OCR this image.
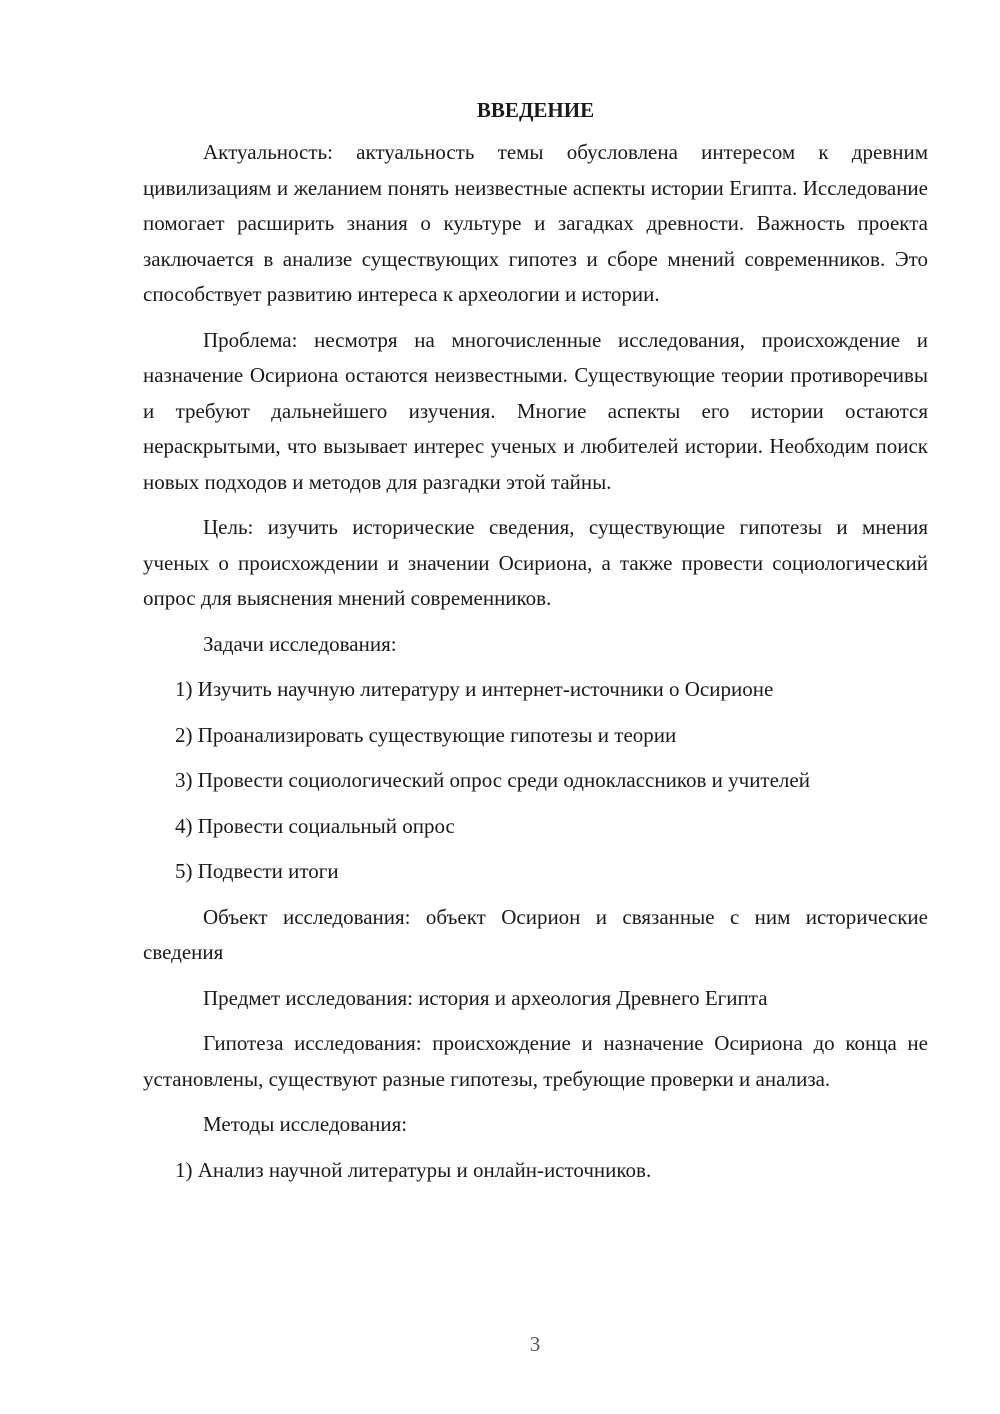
ВВЕДЕНИЕ

Актуальность: актуальность темы обусловлена интересом к древним цивилизациям и желанием понять неизвестные аспекты истории Египта. Исследование помогает расширить знания о культуре и загадках древности. Важность проекта заключается в анализе существующих гипотез и сборе мнений современников. Это способствует развитию интереса к археологии и истории.

Проблема: несмотря на многочисленные исследования, происхождение и назначение Осириона остаются неизвестными. Существующие теории противоречивы и требуют дальнейшего изучения. Многие аспекты его истории остаются нераскрытыми, что вызывает интерес ученых и любителей истории. Необходим поиск новых подходов и методов для разгадки этой тайны.

Цель: изучить исторические сведения, существующие гипотезы и мнения ученых о происхождении и значении Осириона, а также провести социологический опрос для выяснения мнений современников.

Задачи исследования:

1) Изучить научную литературу и интернет-источники о Осирионе

2) Проанализировать существующие гипотезы и теории

3) Провести социологический опрос среди одноклассников и учителей

4) Провести социальный опрос

5) Подвести итоги

Объект исследования: объект Осирион и связанные с ним исторические сведения

Предмет исследования: история и археология Древнего Египта

Гипотеза исследования: происхождение и назначение Осириона до конца не установлены, существуют разные гипотезы, требующие проверки и анализа.

Методы исследования:

1) Анализ научной литературы и онлайн-источников.

3
